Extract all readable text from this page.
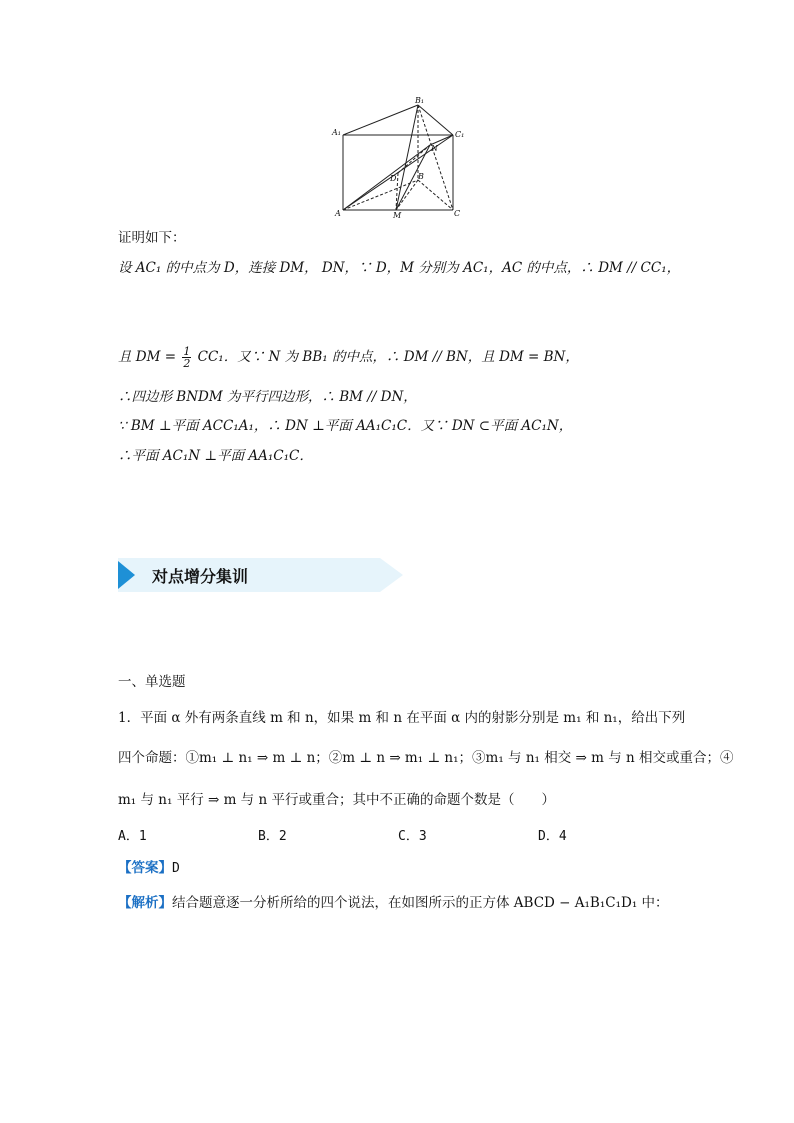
B₁
A₁	C₁
N
D	B
A	M	C
证明如下：
设 AC₁ 的中点为 D，连接 DM， DN，∵ D，M 分别为 AC₁，AC 的中点，∴ DM // CC₁，
且 DM = $\frac{1}{2} CC_1$．又∵ N 为 BB₁ 的中点，∴ DM // BN，且 DM = BN，
∴四边形 BNDM 为平行四边形，∴ BM // DN，
∵ BM ⊥平面 ACC₁A₁，∴ DN ⊥平面 AA₁C₁C．又∵ DN ⊂平面 AC₁N，
∴平面 AC₁N ⊥平面 AA₁C₁C．
对点增分集训
一、单选题
1．平面 α 外有两条直线 m 和 n，如果 m 和 n 在平面 α 内的射影分别是 m₁ 和 n₁，给出下列
四个命题：①m₁ ⊥ n₁ ⇒ m ⊥ n；②m ⊥ n ⇒ m₁ ⊥ n₁；③m₁ 与 n₁ 相交 ⇒ m 与 n 相交或重合；④
m₁ 与 n₁ 平行 ⇒ m 与 n 平行或重合；其中不正确的命题个数是（　　）
A．1	B．2	C．3	D．4
【答案】D
【解析】结合题意逐一分析所给的四个说法，在如图所示的正方体 ABCD − A₁B₁C₁D₁ 中：
